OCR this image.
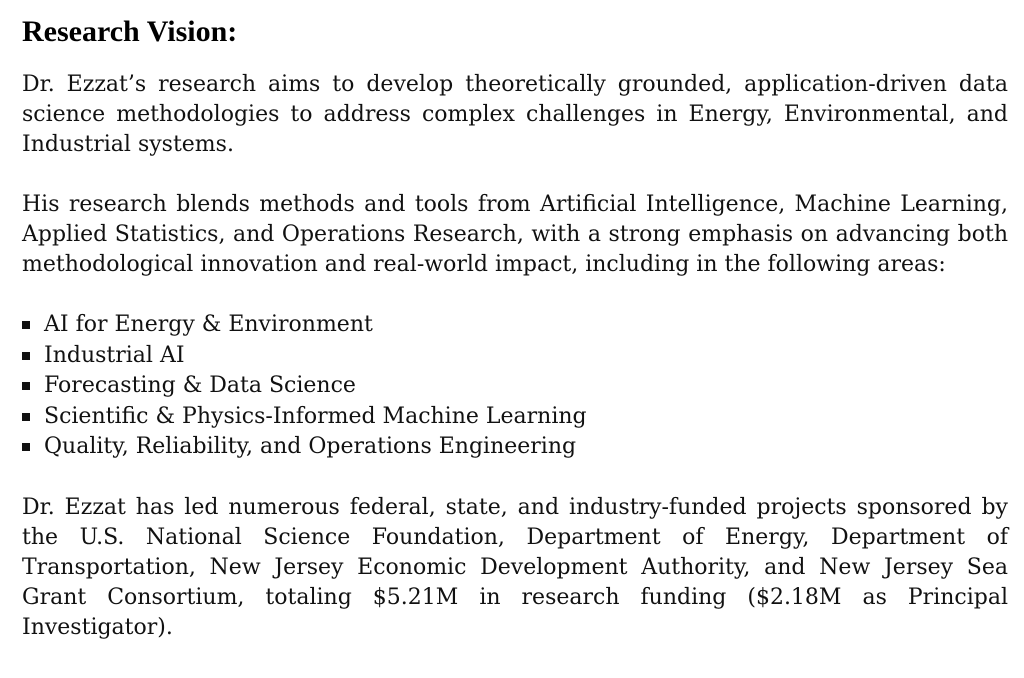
Research Vision:

Dr. Ezzat’s research aims to develop theoretically grounded, application-driven data science methodologies to address complex challenges in Energy, Environmental, and Industrial systems.

His research blends methods and tools from Artificial Intelligence, Machine Learning, Applied Statistics, and Operations Research, with a strong emphasis on advancing both methodological innovation and real-world impact, including in the following areas:

AI for Energy & Environment
Industrial AI
Forecasting & Data Science
Scientific & Physics-Informed Machine Learning
Quality, Reliability, and Operations Engineering

Dr. Ezzat has led numerous federal, state, and industry-funded projects sponsored by the U.S. National Science Foundation, Department of Energy, Department of Transportation, New Jersey Economic Development Authority, and New Jersey Sea Grant Consortium, totaling $5.21M in research funding ($2.18M as Principal Investigator).
